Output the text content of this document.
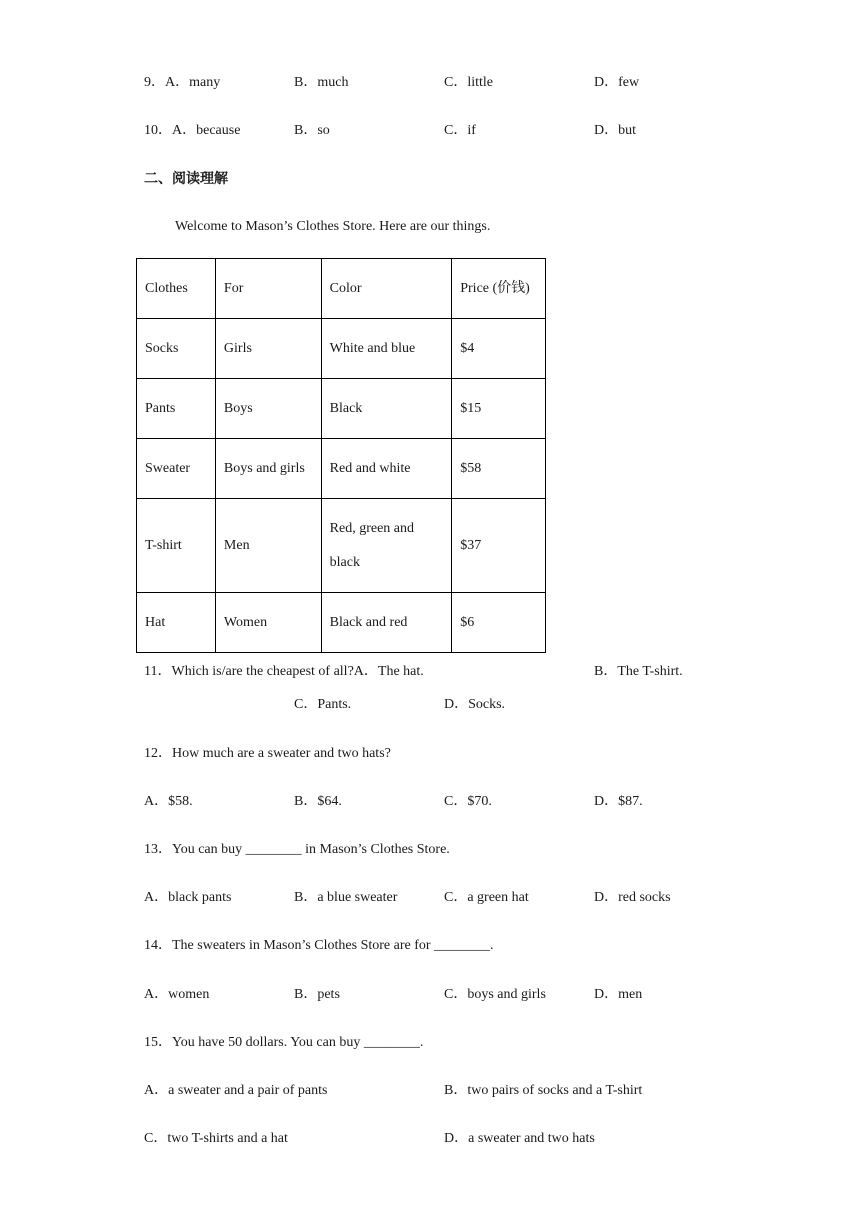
9．A．many	B．much	C．little	D．few
10．A．because	B．so	C．if	D．but
二、阅读理解
Welcome to Mason’s Clothes Store. Here are our things.
Clothes	For	Color	Price (价钱)
Socks	Girls	White and blue	$4
Pants	Boys	Black	$15
Sweater	Boys and girls	Red and white	$58
T-shirt	Men	Red, green and black	$37
Hat	Women	Black and red	$6
11．Which is/are the cheapest of all?A．The hat.	B．The T-shirt.
C．Pants.	D．Socks.
12．How much are a sweater and two hats?
A．$58.	B．$64.	C．$70.	D．$87.
13．You can buy ________ in Mason’s Clothes Store.
A．black pants	B．a blue sweater	C．a green hat	D．red socks
14．The sweaters in Mason’s Clothes Store are for ________.
A．women	B．pets	C．boys and girls	D．men
15．You have 50 dollars. You can buy ________.
A．a sweater and a pair of pants	B．two pairs of socks and a T-shirt
C．two T-shirts and a hat	D．a sweater and two hats
